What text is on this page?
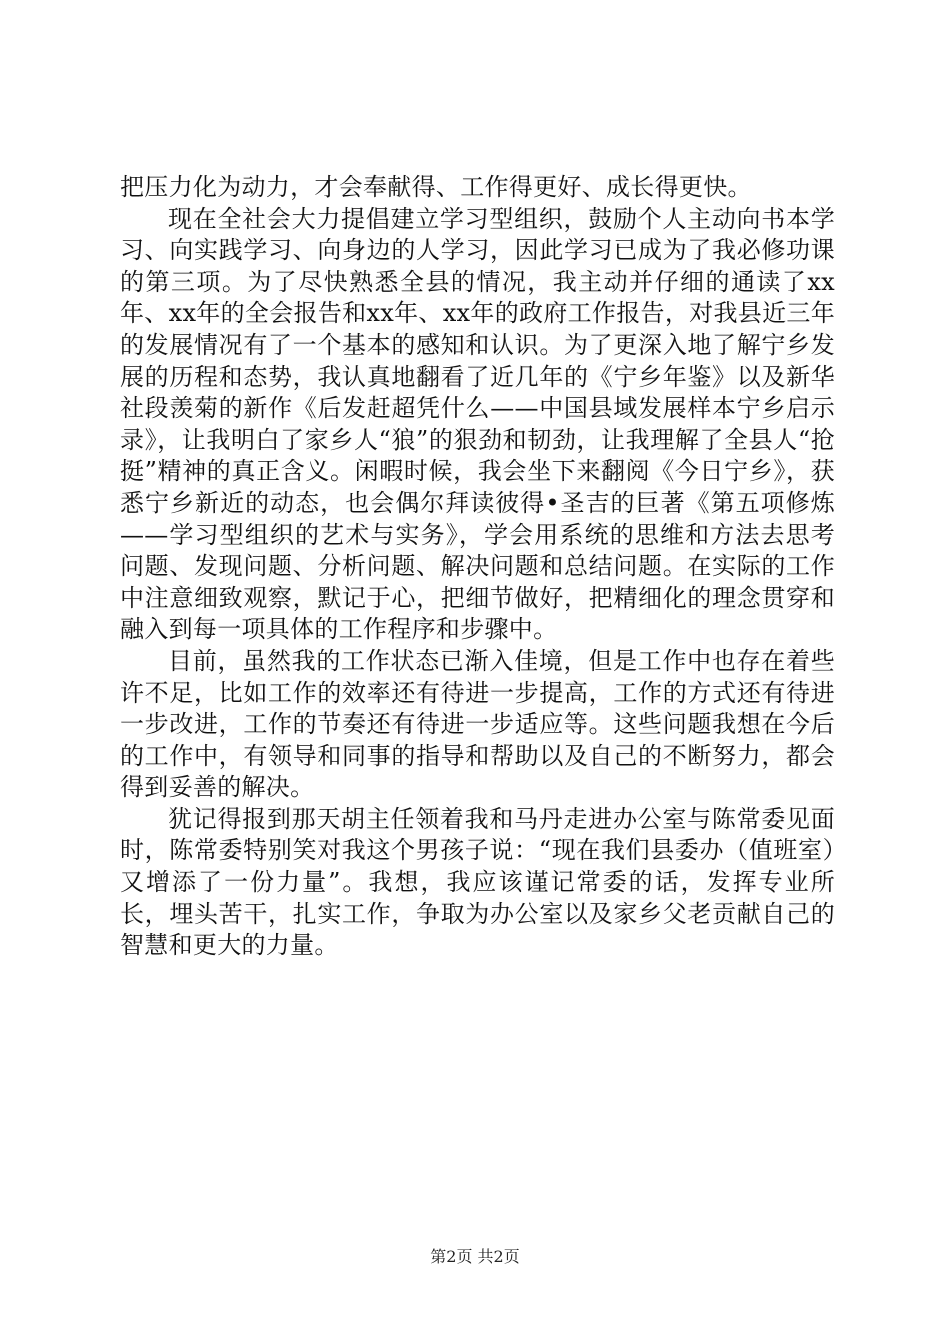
把压力化为动力，才会奉献得、工作得更好、成长得更快。

现在全社会大力提倡建立学习型组织，鼓励个人主动向书本学习、向实践学习、向身边的人学习，因此学习已成为了我必修功课的第三项。为了尽快熟悉全县的情况，我主动并仔细的通读了xx年、xx年的全会报告和xx年、xx年的政府工作报告，对我县近三年的发展情况有了一个基本的感知和认识。为了更深入地了解宁乡发展的历程和态势，我认真地翻看了近几年的《宁乡年鉴》以及新华社段羡菊的新作《后发赶超凭什么——中国县域发展样本宁乡启示录》，让我明白了家乡人“狼”的狠劲和韧劲，让我理解了全县人“抢挺”精神的真正含义。闲暇时候，我会坐下来翻阅《今日宁乡》，获悉宁乡新近的动态，也会偶尔拜读彼得•圣吉的巨著《第五项修炼——学习型组织的艺术与实务》，学会用系统的思维和方法去思考问题、发现问题、分析问题、解决问题和总结问题。在实际的工作中注意细致观察，默记于心，把细节做好，把精细化的理念贯穿和融入到每一项具体的工作程序和步骤中。

目前，虽然我的工作状态已渐入佳境，但是工作中也存在着些许不足，比如工作的效率还有待进一步提高，工作的方式还有待进一步改进，工作的节奏还有待进一步适应等。这些问题我想在今后的工作中，有领导和同事的指导和帮助以及自己的不断努力，都会得到妥善的解决。

犹记得报到那天胡主任领着我和马丹走进办公室与陈常委见面时，陈常委特别笑对我这个男孩子说：“现在我们县委办（值班室）又增添了一份力量”。我想，我应该谨记常委的话，发挥专业所长，埋头苦干，扎实工作，争取为办公室以及家乡父老贡献自己的智慧和更大的力量。

第2页 共2页
